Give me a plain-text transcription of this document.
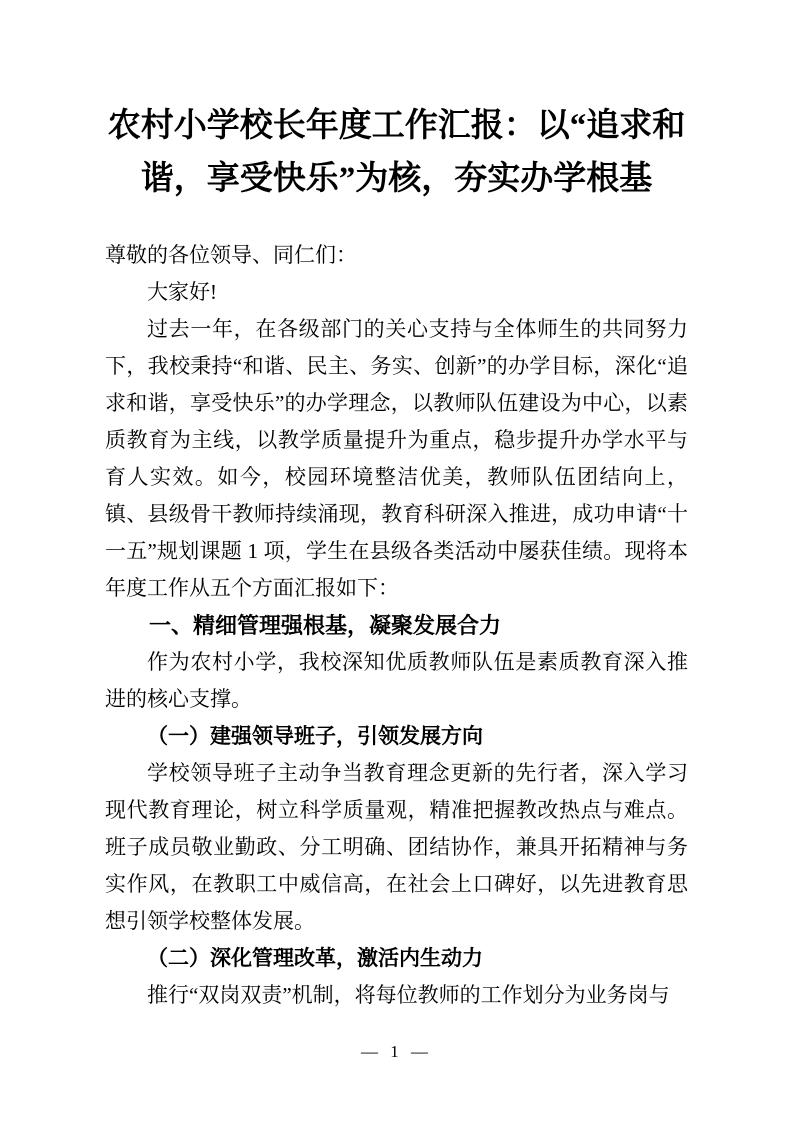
农村小学校长年度工作汇报：以“追求和谐，享受快乐”为核，夯实办学根基

尊敬的各位领导、同仁们：

大家好!

过去一年，在各级部门的关心支持与全体师生的共同努力下，我校秉持“和谐、民主、务实、创新”的办学目标，深化“追求和谐，享受快乐”的办学理念，以教师队伍建设为中心，以素质教育为主线，以教学质量提升为重点，稳步提升办学水平与育人实效。如今，校园环境整洁优美，教师队伍团结向上，镇、县级骨干教师持续涌现，教育科研深入推进，成功申请“十一五”规划课题 1 项，学生在县级各类活动中屡获佳绩。现将本年度工作从五个方面汇报如下：

一、精细管理强根基，凝聚发展合力

作为农村小学，我校深知优质教师队伍是素质教育深入推进的核心支撑。

（一）建强领导班子，引领发展方向

学校领导班子主动争当教育理念更新的先行者，深入学习现代教育理论，树立科学质量观，精准把握教改热点与难点。班子成员敬业勤政、分工明确、团结协作，兼具开拓精神与务实作风，在教职工中威信高，在社会上口碑好，以先进教育思想引领学校整体发展。

（二）深化管理改革，激活内生动力

推行“双岗双责”机制，将每位教师的工作划分为业务岗与

— 1 —
